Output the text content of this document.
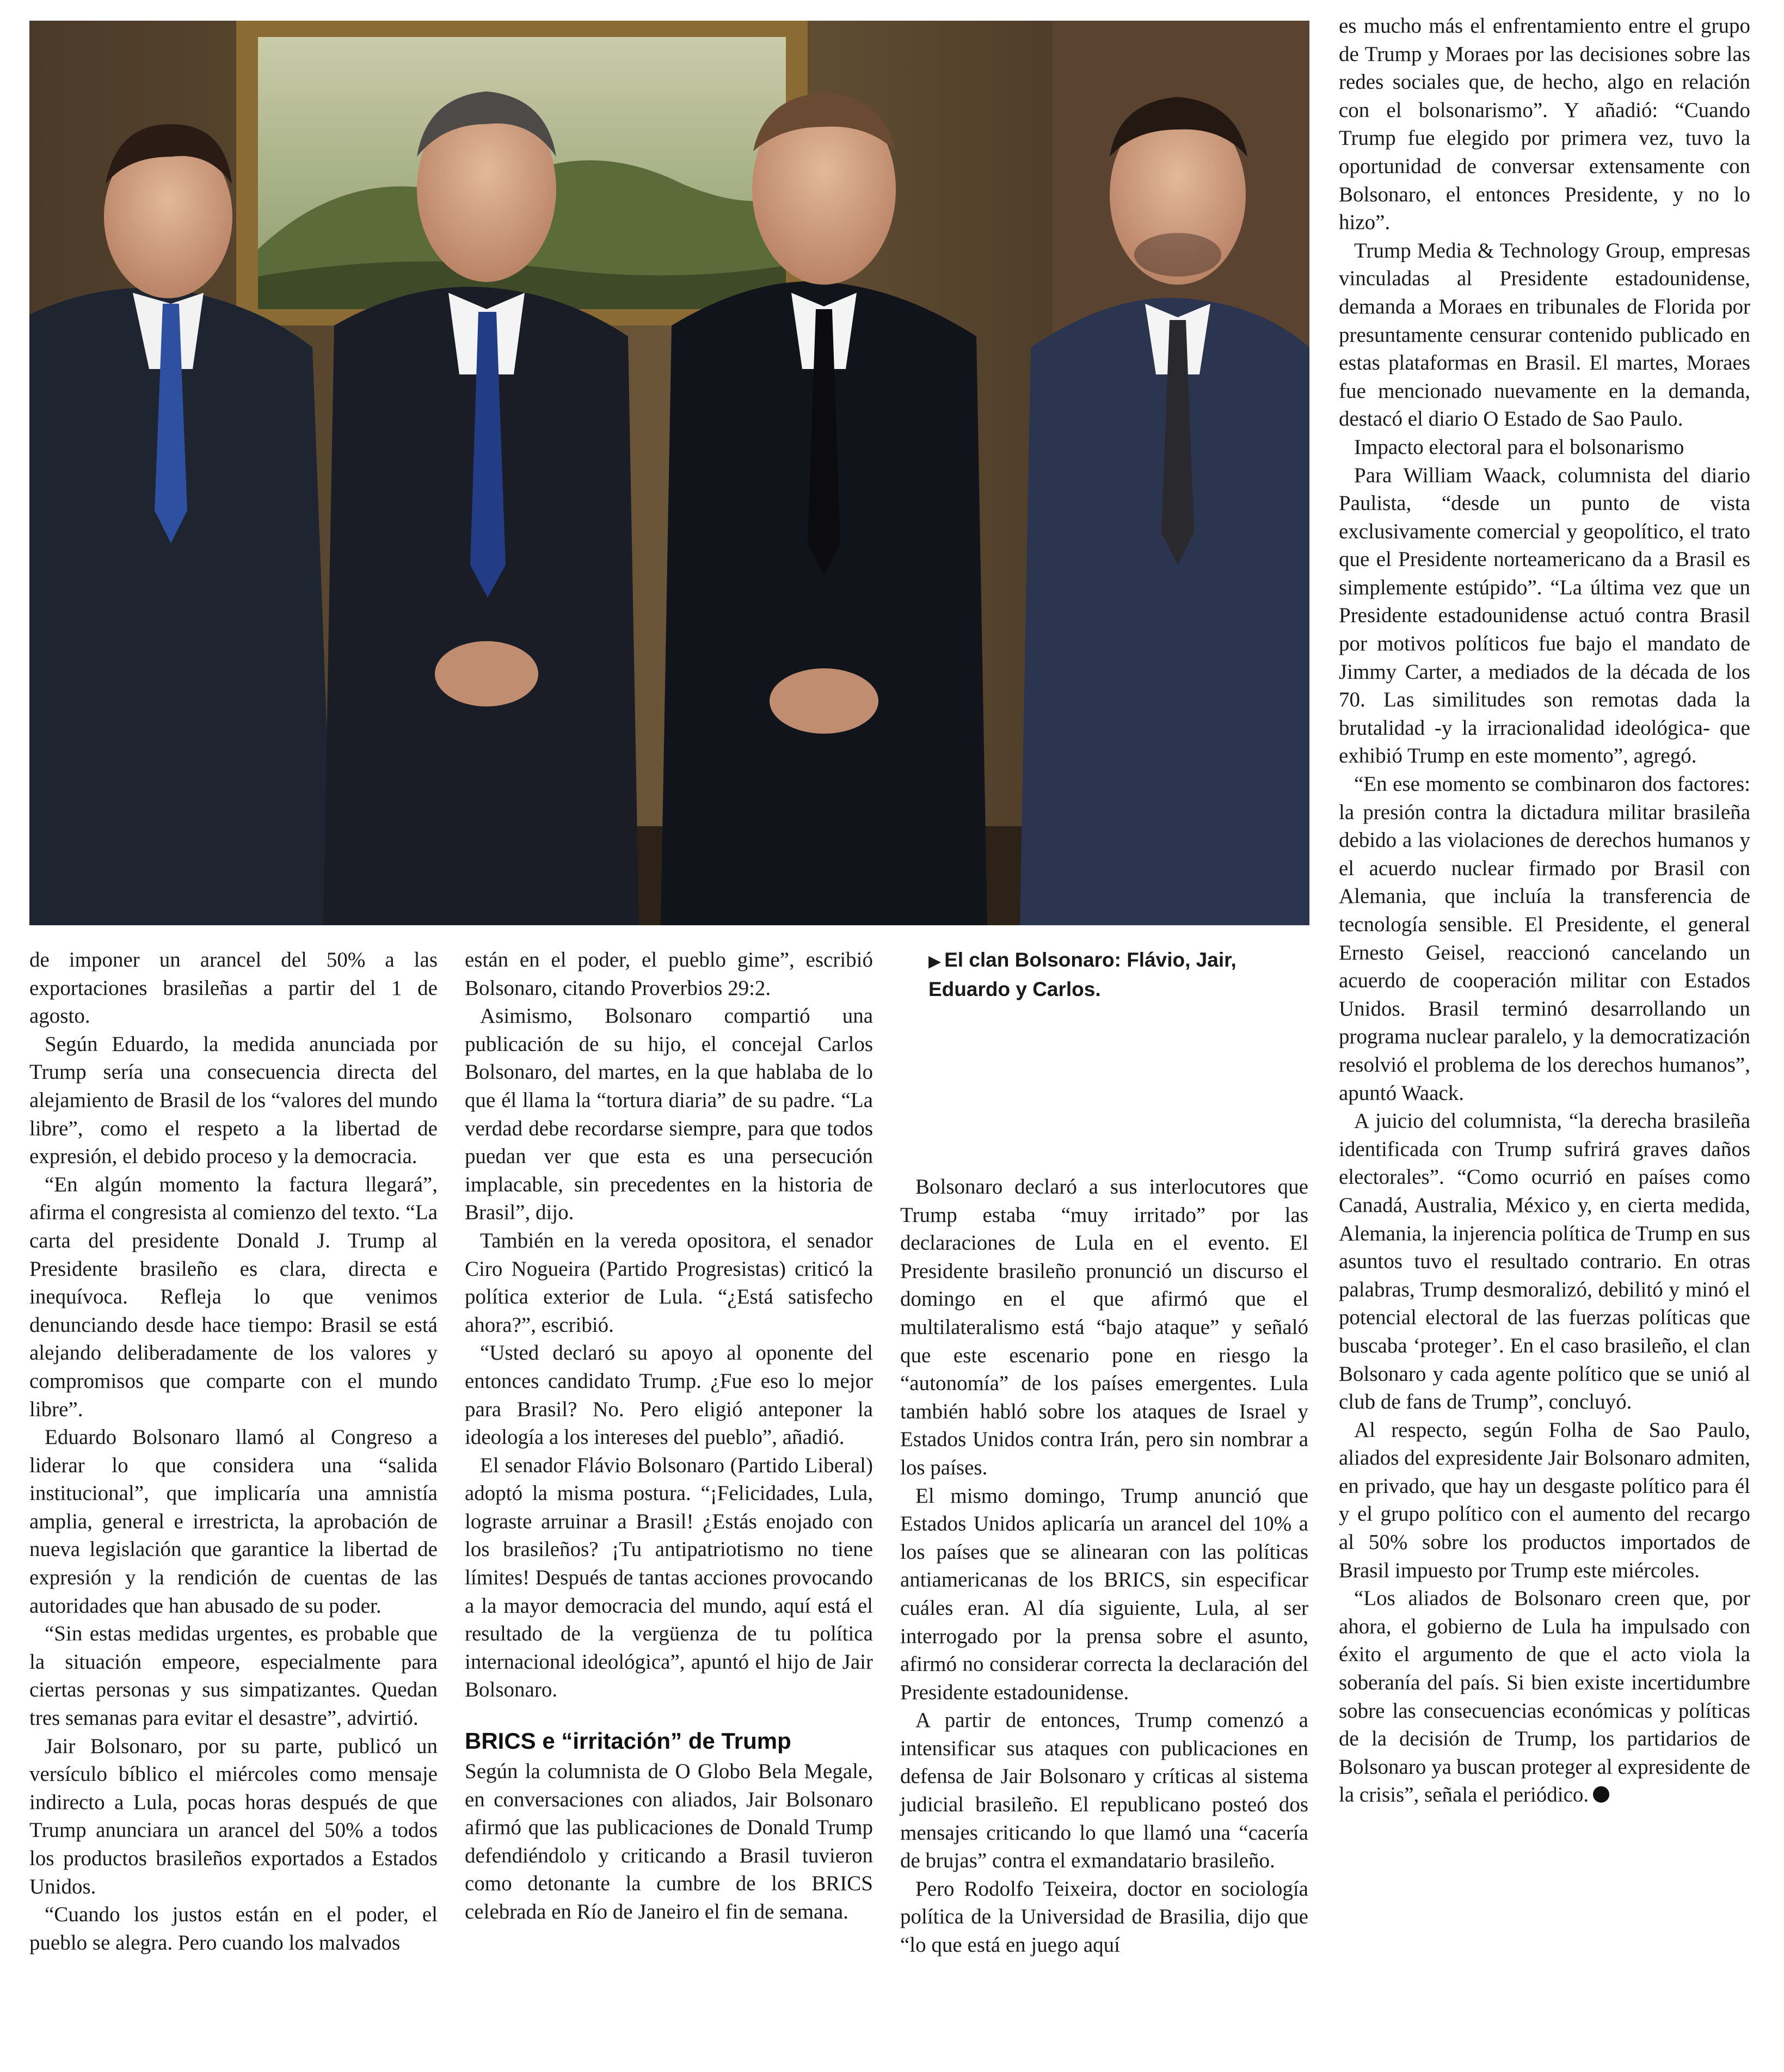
de imponer un arancel del 50% a las exportaciones brasileñas a partir del 1 de agosto.

Según Eduardo, la medida anunciada por Trump sería una consecuencia directa del alejamiento de Brasil de los “valores del mundo libre”, como el respeto a la libertad de expresión, el debido proceso y la democracia.

“En algún momento la factura llegará”, afirma el congresista al comienzo del texto. “La carta del presidente Donald J. Trump al Presidente brasileño es clara, directa e inequívoca. Refleja lo que venimos denunciando desde hace tiempo: Brasil se está alejando deliberadamente de los valores y compromisos que comparte con el mundo libre”.

Eduardo Bolsonaro llamó al Congreso a liderar lo que considera una “salida institucional”, que implicaría una amnistía amplia, general e irrestricta, la aprobación de nueva legislación que garantice la libertad de expresión y la rendición de cuentas de las autoridades que han abusado de su poder.

“Sin estas medidas urgentes, es probable que la situación empeore, especialmente para ciertas personas y sus simpatizantes. Quedan tres semanas para evitar el desastre”, advirtió.

Jair Bolsonaro, por su parte, publicó un versículo bíblico el miércoles como mensaje indirecto a Lula, pocas horas después de que Trump anunciara un arancel del 50% a todos los productos brasileños exportados a Estados Unidos.

“Cuando los justos están en el poder, el pueblo se alegra. Pero cuando los malvados

están en el poder, el pueblo gime”, escribió Bolsonaro, citando Proverbios 29:2.

Asimismo, Bolsonaro compartió una publicación de su hijo, el concejal Carlos Bolsonaro, del martes, en la que hablaba de lo que él llama la “tortura diaria” de su padre. “La verdad debe recordarse siempre, para que todos puedan ver que esta es una persecución implacable, sin precedentes en la historia de Brasil”, dijo.

También en la vereda opositora, el senador Ciro Nogueira (Partido Progresistas) criticó la política exterior de Lula. “¿Está satisfecho ahora?”, escribió.

“Usted declaró su apoyo al oponente del entonces candidato Trump. ¿Fue eso lo mejor para Brasil? No. Pero eligió anteponer la ideología a los intereses del pueblo”, añadió.

El senador Flávio Bolsonaro (Partido Liberal) adoptó la misma postura. “¡Felicidades, Lula, lograste arruinar a Brasil! ¿Estás enojado con los brasileños? ¡Tu antipatriotismo no tiene límites! Después de tantas acciones provocando a la mayor democracia del mundo, aquí está el resultado de la vergüenza de tu política internacional ideológica”, apuntó el hijo de Jair Bolsonaro.

BRICS e “irritación” de Trump

Según la columnista de O Globo Bela Megale, en conversaciones con aliados, Jair Bolsonaro afirmó que las publicaciones de Donald Trump defendiéndolo y criticando a Brasil tuvieron como detonante la cumbre de los BRICS celebrada en Río de Janeiro el fin de semana.

▶ El clan Bolsonaro: Flávio, Jair, Eduardo y Carlos.

Bolsonaro declaró a sus interlocutores que Trump estaba “muy irritado” por las declaraciones de Lula en el evento. El Presidente brasileño pronunció un discurso el domingo en el que afirmó que el multilateralismo está “bajo ataque” y señaló que este escenario pone en riesgo la “autonomía” de los países emergentes. Lula también habló sobre los ataques de Israel y Estados Unidos contra Irán, pero sin nombrar a los países.

El mismo domingo, Trump anunció que Estados Unidos aplicaría un arancel del 10% a los países que se alinearan con las políticas antiamericanas de los BRICS, sin especificar cuáles eran. Al día siguiente, Lula, al ser interrogado por la prensa sobre el asunto, afirmó no considerar correcta la declaración del Presidente estadounidense.

A partir de entonces, Trump comenzó a intensificar sus ataques con publicaciones en defensa de Jair Bolsonaro y críticas al sistema judicial brasileño. El republicano posteó dos mensajes criticando lo que llamó una “cacería de brujas” contra el exmandatario brasileño.

Pero Rodolfo Teixeira, doctor en sociología política de la Universidad de Brasilia, dijo que “lo que está en juego aquí

es mucho más el enfrentamiento entre el grupo de Trump y Moraes por las decisiones sobre las redes sociales que, de hecho, algo en relación con el bolsonarismo”. Y añadió: “Cuando Trump fue elegido por primera vez, tuvo la oportunidad de conversar extensamente con Bolsonaro, el entonces Presidente, y no lo hizo”.

Trump Media & Technology Group, empresas vinculadas al Presidente estadounidense, demanda a Moraes en tribunales de Florida por presuntamente censurar contenido publicado en estas plataformas en Brasil. El martes, Moraes fue mencionado nuevamente en la demanda, destacó el diario O Estado de Sao Paulo.

Impacto electoral para el bolsonarismo

Para William Waack, columnista del diario Paulista, “desde un punto de vista exclusivamente comercial y geopolítico, el trato que el Presidente norteamericano da a Brasil es simplemente estúpido”. “La última vez que un Presidente estadounidense actuó contra Brasil por motivos políticos fue bajo el mandato de Jimmy Carter, a mediados de la década de los 70. Las similitudes son remotas dada la brutalidad -y la irracionalidad ideológica- que exhibió Trump en este momento”, agregó.

“En ese momento se combinaron dos factores: la presión contra la dictadura militar brasileña debido a las violaciones de derechos humanos y el acuerdo nuclear firmado por Brasil con Alemania, que incluía la transferencia de tecnología sensible. El Presidente, el general Ernesto Geisel, reaccionó cancelando un acuerdo de cooperación militar con Estados Unidos. Brasil terminó desarrollando un programa nuclear paralelo, y la democratización resolvió el problema de los derechos humanos”, apuntó Waack.

A juicio del columnista, “la derecha brasileña identificada con Trump sufrirá graves daños electorales”. “Como ocurrió en países como Canadá, Australia, México y, en cierta medida, Alemania, la injerencia política de Trump en sus asuntos tuvo el resultado contrario. En otras palabras, Trump desmoralizó, debilitó y minó el potencial electoral de las fuerzas políticas que buscaba ‘proteger’. En el caso brasileño, el clan Bolsonaro y cada agente político que se unió al club de fans de Trump”, concluyó.

Al respecto, según Folha de Sao Paulo, aliados del expresidente Jair Bolsonaro admiten, en privado, que hay un desgaste político para él y el grupo político con el aumento del recargo al 50% sobre los productos importados de Brasil impuesto por Trump este miércoles.

“Los aliados de Bolsonaro creen que, por ahora, el gobierno de Lula ha impulsado con éxito el argumento de que el acto viola la soberanía del país. Si bien existe incertidumbre sobre las consecuencias económicas y políticas de la decisión de Trump, los partidarios de Bolsonaro ya buscan proteger al expresidente de la crisis”, señala el periódico.
